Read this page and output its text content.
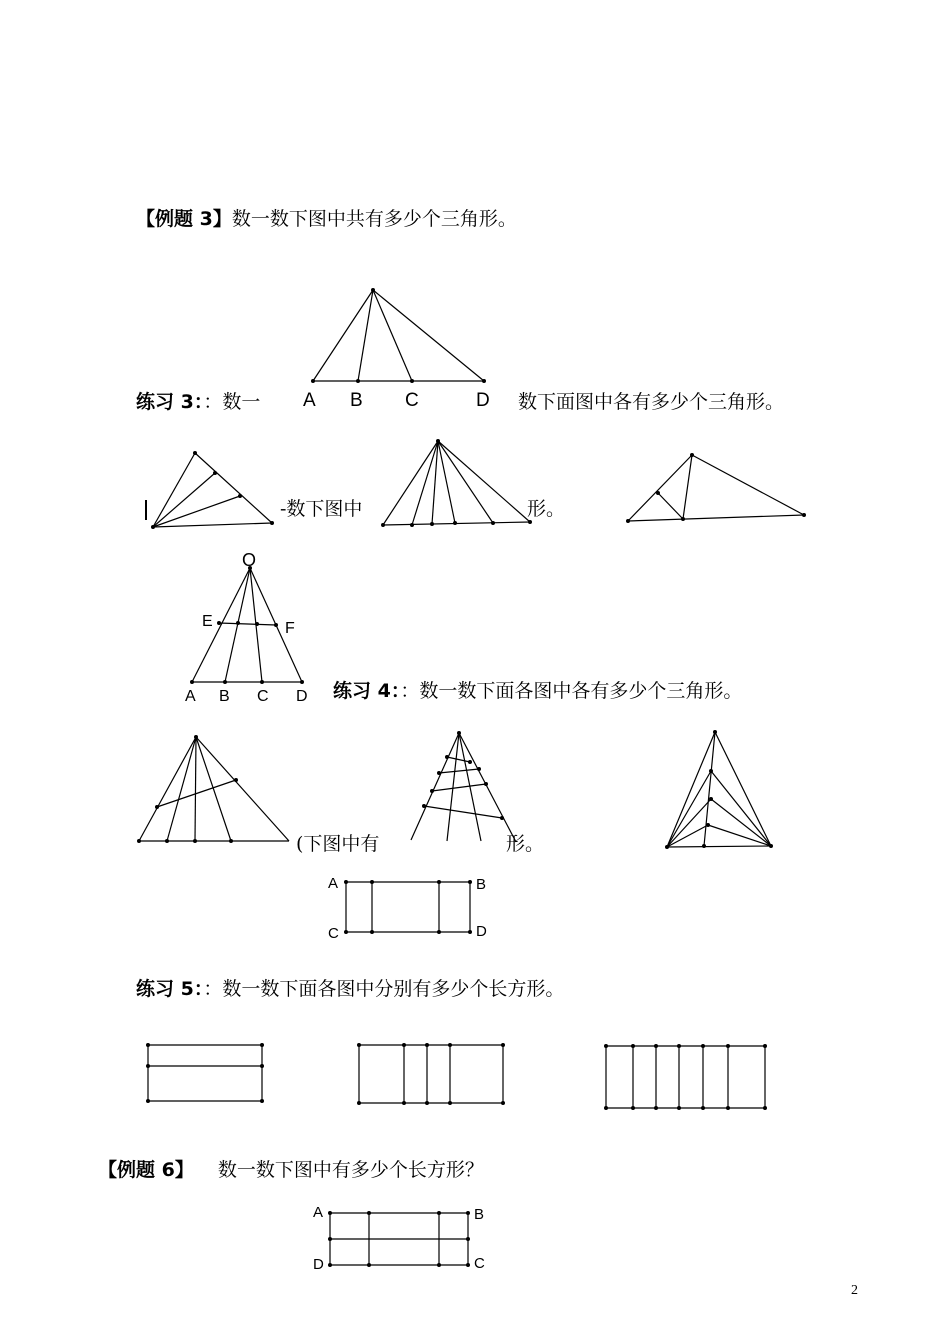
【例题 3】数一数下图中共有多少个三角形。
A B C	D
练习 3：：数一	数下面图中各有多少个三角形。
-数下图中	形。
O
E	F
A B C D 练习 4：：数一数下面各图中各有多少个三角形。
(下图中有	形。
A	B
C	D
练习 5：：数一数下面各图中分别有多少个长方形。
【例题 6】 数一数下图中有多少个长方形？
A	B
D	C
2
